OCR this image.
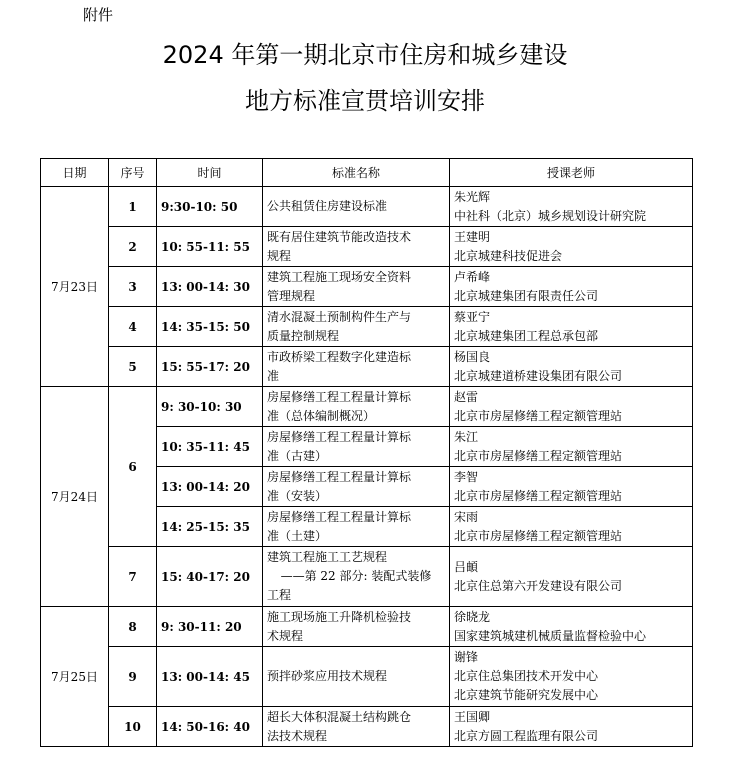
附件
2024 年第一期北京市住房和城乡建设
地方标准宣贯培训安排
日期	序号	时间	标准名称	授课老师
7月23日	1	9:30-10: 50	公共租赁住房建设标准	朱光辉
中社科（北京）城乡规划设计研究院

	2	10: 55-11: 55	既有居住建筑节能改造技术
规程	王建明
北京城建科技促进会

	3	13: 00-14: 30	建筑工程施工现场安全资料
管理规程	卢希峰
北京城建集团有限责任公司

	4	14: 35-15: 50	清水混凝土预制构件生产与
质量控制规程	蔡亚宁
北京城建集团工程总承包部

	5	15: 55-17: 20	市政桥梁工程数字化建造标
准	杨国良
北京城建道桥建设集团有限公司

7月24日	6	9: 30-10: 30	房屋修缮工程工程量计算标
准（总体编制概况）	赵雷
北京市房屋修缮工程定额管理站

		10: 35-11: 45	房屋修缮工程工程量计算标
准（古建）	朱江
北京市房屋修缮工程定额管理站

		13: 00-14: 20	房屋修缮工程工程量计算标
准（安装）	李智
北京市房屋修缮工程定额管理站

		14: 25-15: 35	房屋修缮工程工程量计算标
准（土建）	宋雨
北京市房屋修缮工程定额管理站

	7	15: 40-17: 20	建筑工程施工工艺规程
——第 22 部分: 装配式装修
工程	吕頔
北京住总第六开发建设有限公司

7月25日	8	9: 30-11: 20	施工现场施工升降机检验技
术规程	徐晓龙
国家建筑城建机械质量监督检验中心

	9	13: 00-14: 45	预拌砂浆应用技术规程	谢锋
北京住总集团技术开发中心
北京建筑节能研究发展中心

	10	14: 50-16: 40	超长大体积混凝土结构跳仓
法技术规程	王国卿
北京方圆工程监理有限公司
